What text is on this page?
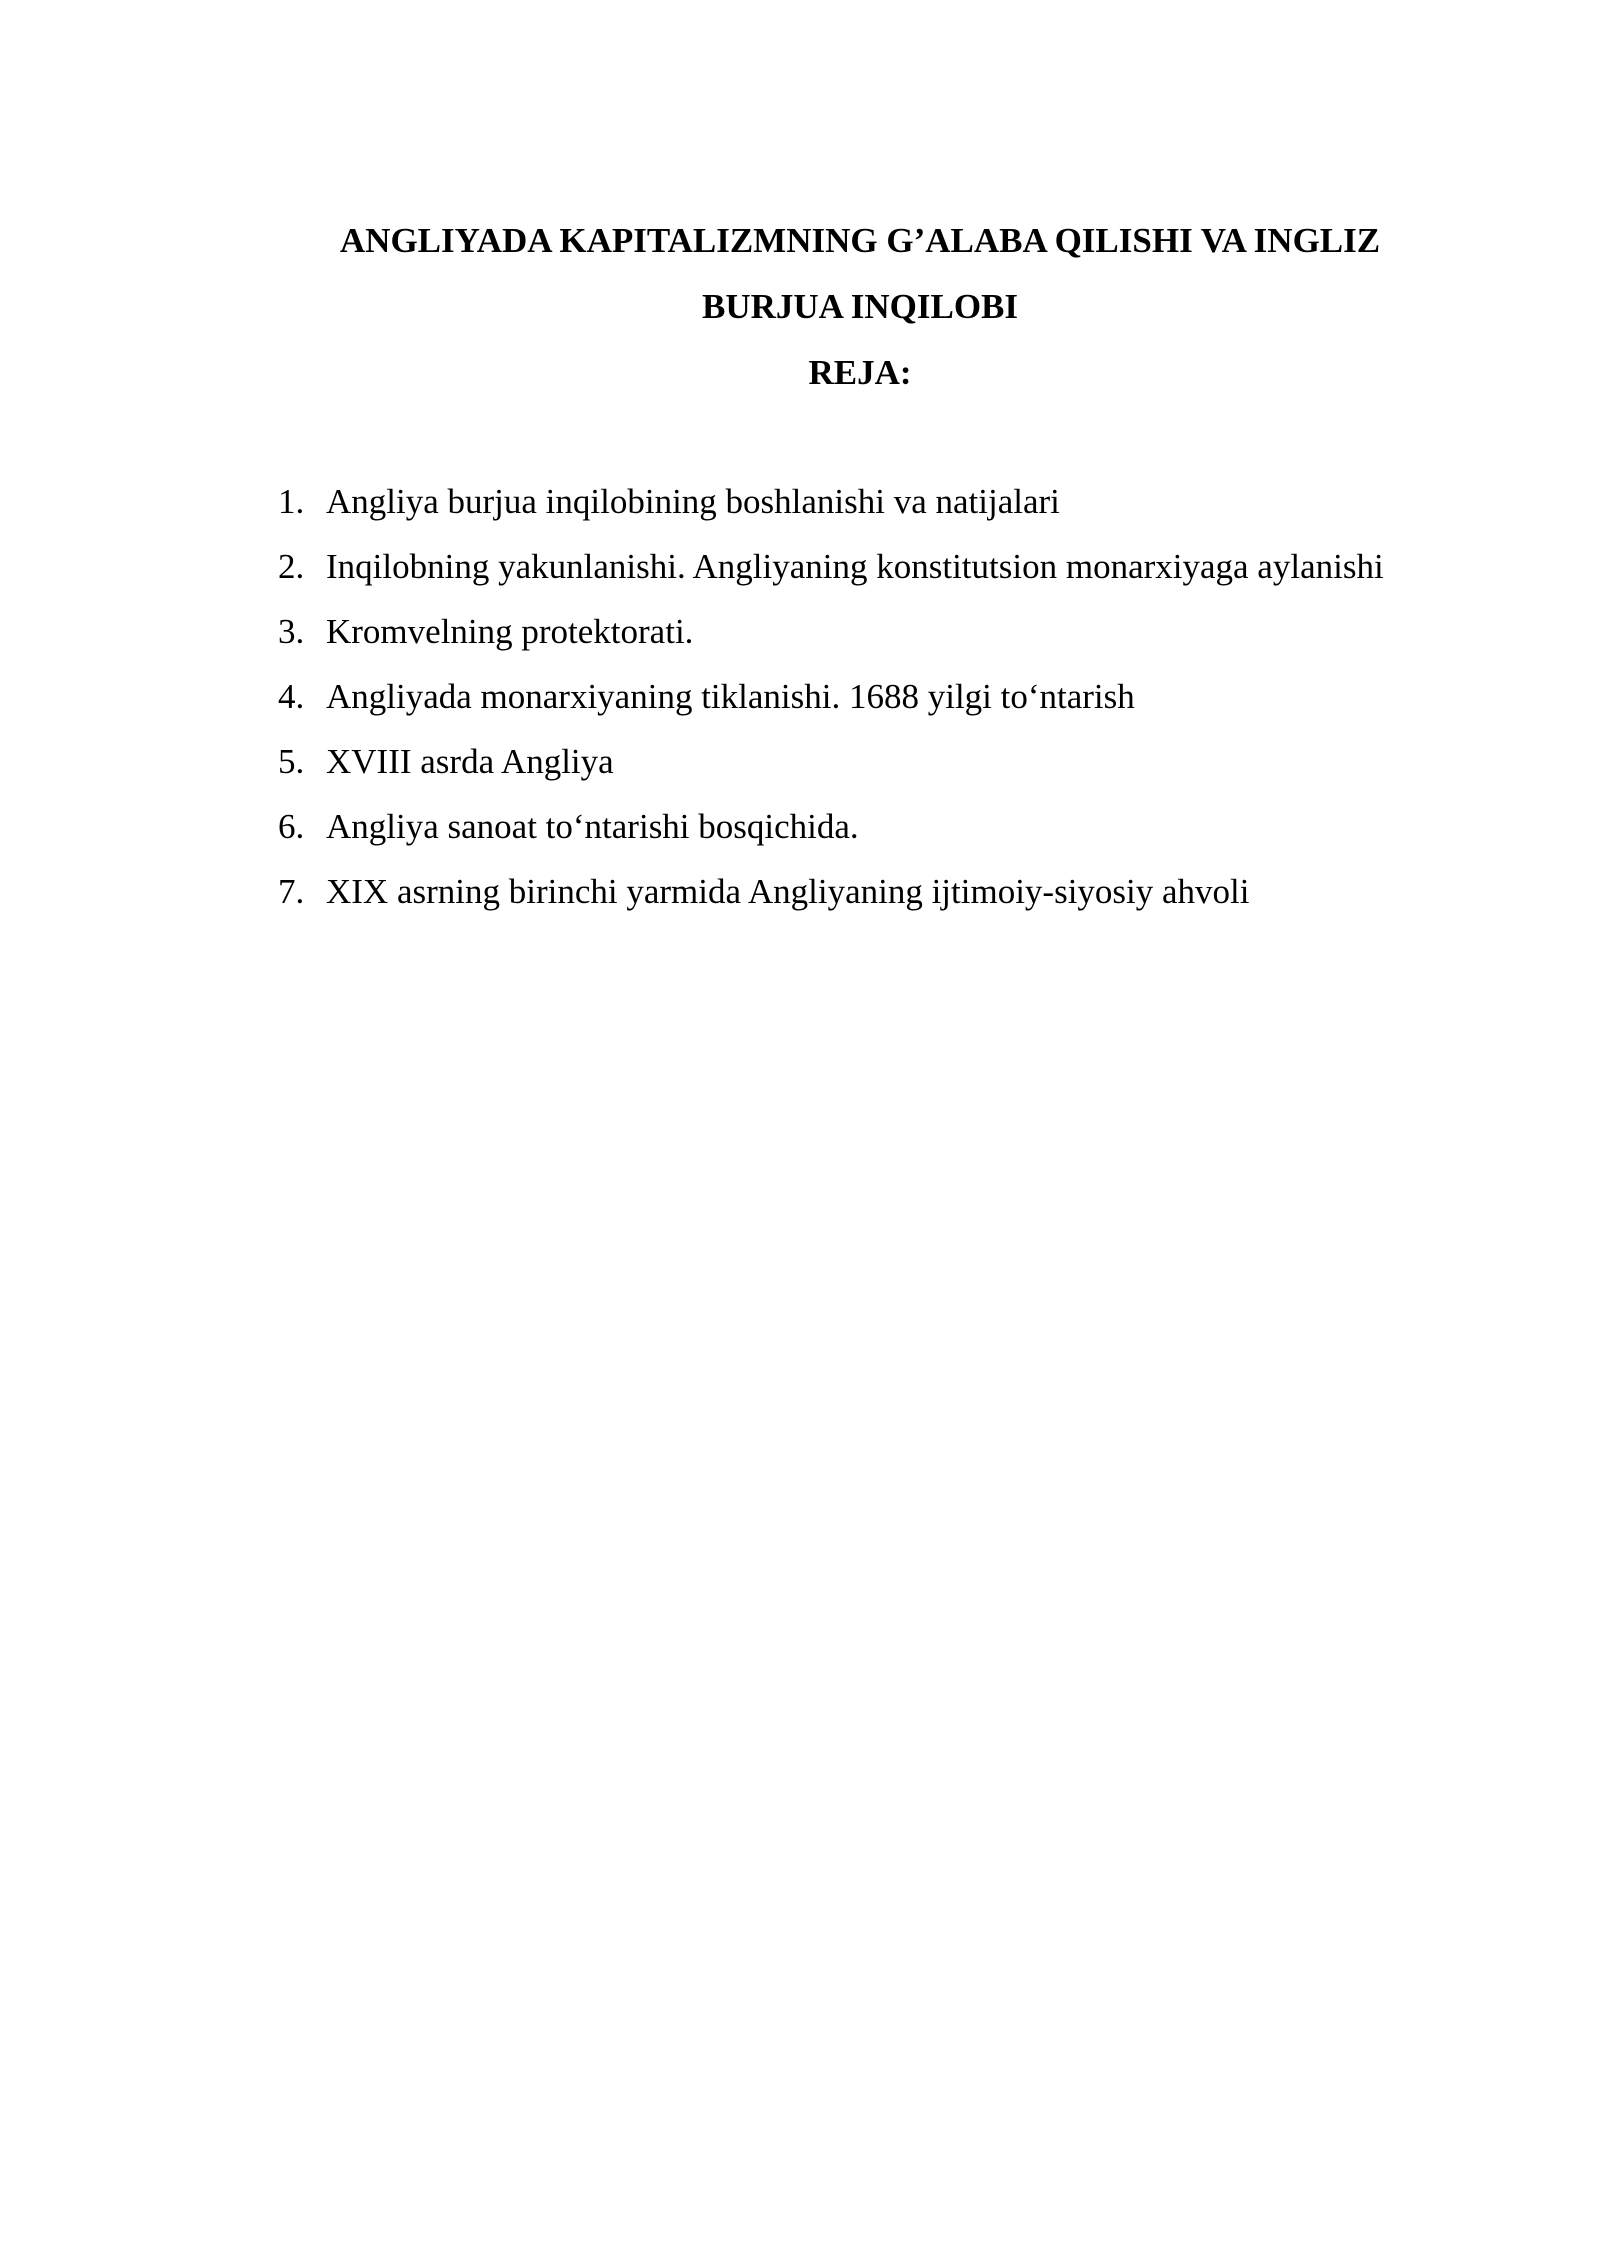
ANGLIYADA KAPITALIZMNING G’ALABA QILISHI VA INGLIZ
BURJUA INQILOBI
REJA:
1. Angliya burjua inqilobining boshlanishi va natijalari
2. Inqilobning yakunlanishi. Angliyaning konstitutsion monarxiyaga aylanishi
3. Kromvelning protektorati.
4. Angliyada monarxiyaning tiklanishi. 1688 yilgi to‘ntarish
5. XVIII asrda Angliya
6. Angliya sanoat to‘ntarishi bosqichida.
7. XIX asrning birinchi yarmida Angliyaning ijtimoiy-siyosiy ahvoli
